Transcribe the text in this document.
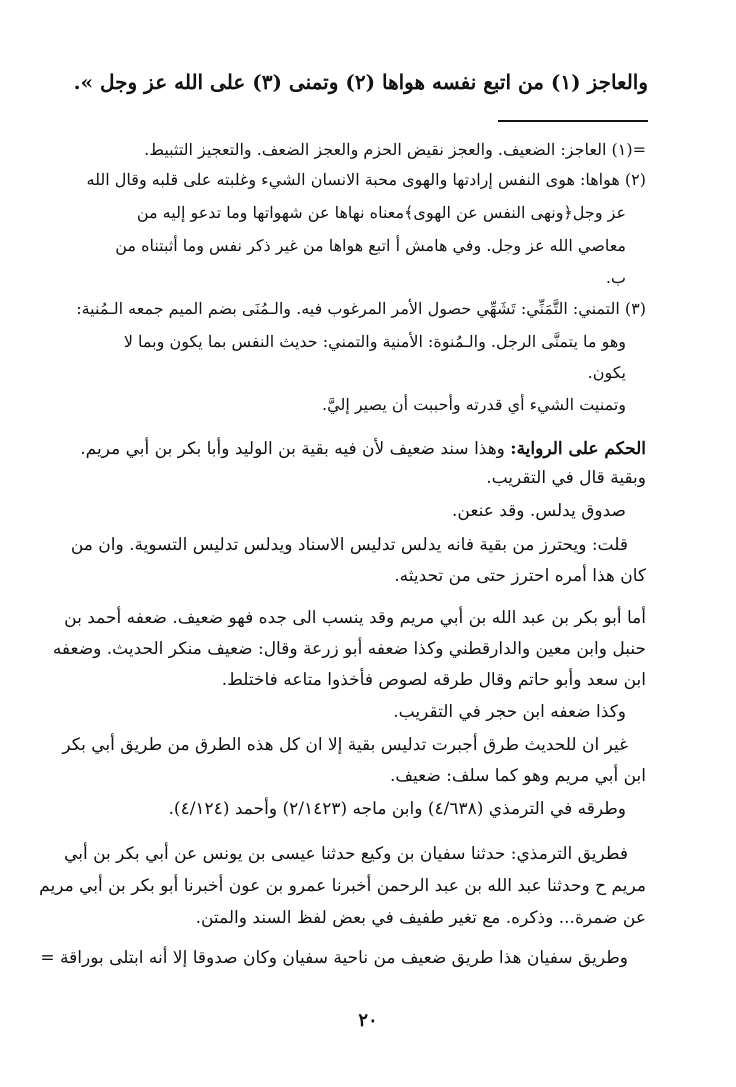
والعاجز (١) من اتبع نفسه هواها (٢) وتمنى (٣) على الله عز وجل ».
=(١) العاجز: الضعيف. والعجز نقيض الحزم والعجز الضعف. والتعجيز التثبيط.
(٢) هواها: هوى النفس إرادتها والهوى محبة الانسان الشيء وغلبته على قلبه وقال الله
عز وجل﴿ونهى النفس عن الهوى﴾معناه نهاها عن شهواتها وما تدعو إليه من
معاصي الله عز وجل. وفي هامش أ اتبع هواها من غير ذكر نفس وما أثبتناه من
ب.
(٣) التمني: التَّمَنِّي: تَشَهِّي حصول الأمر المرغوب فيه. والـمُنَى بضم الميم جمعه الـمُنية:
وهو ما يتمنَّى الرجل. والـمُنوة: الأمنية والتمني: حديث النفس بما يكون وبما لا
يكون.
وتمنيت الشيء أي قدرته وأحببت أن يصير إليَّ.
الحكم على الرواية: وهذا سند ضعيف لأن فيه بقية بن الوليد وأبا بكر بن أبي مريم.
وبقية قال في التقريب.
صدوق يدلس. وقد عنعن.
قلت: ويحترز من بقية فانه يدلس تدليس الاسناد ويدلس تدليس التسوية. وان من
كان هذا أمره احترز حتى من تحديثه.
أما أبو بكر بن عبد الله بن أبي مريم وقد ينسب الى جده فهو ضعيف. ضعفه أحمد بن
حنبل وابن معين والدارقطني وكذا ضعفه أبو زرعة وقال: ضعيف منكر الحديث. وضعفه
ابن سعد وأبو حاتم وقال طرقه لصوص فأخذوا متاعه فاختلط.
وكذا ضعفه ابن حجر في التقريب.
غير ان للحديث طرق أجبرت تدليس بقية إلا ان كل هذه الطرق من طريق أبي بكر
ابن أبي مريم وهو كما سلف: ضعيف.
وطرقه في الترمذي (٤/٦٣٨) وابن ماجه (٢/١٤٢٣) وأحمد (٤/١٢٤).
فطريق الترمذي: حدثنا سفيان بن وكيع حدثنا عيسى بن يونس عن أبي بكر بن أبي
مريم ح وحدثنا عبد الله بن عبد الرحمن أخبرنا عمرو بن عون أخبرنا أبو بكر بن أبي مريم
عن ضمرة... وذكره. مع تغير طفيف في بعض لفظ السند والمتن.
وطريق سفيان هذا طريق ضعيف من ناحية سفيان وكان صدوقا إلا أنه ابتلى بوراقة =
٢٠
